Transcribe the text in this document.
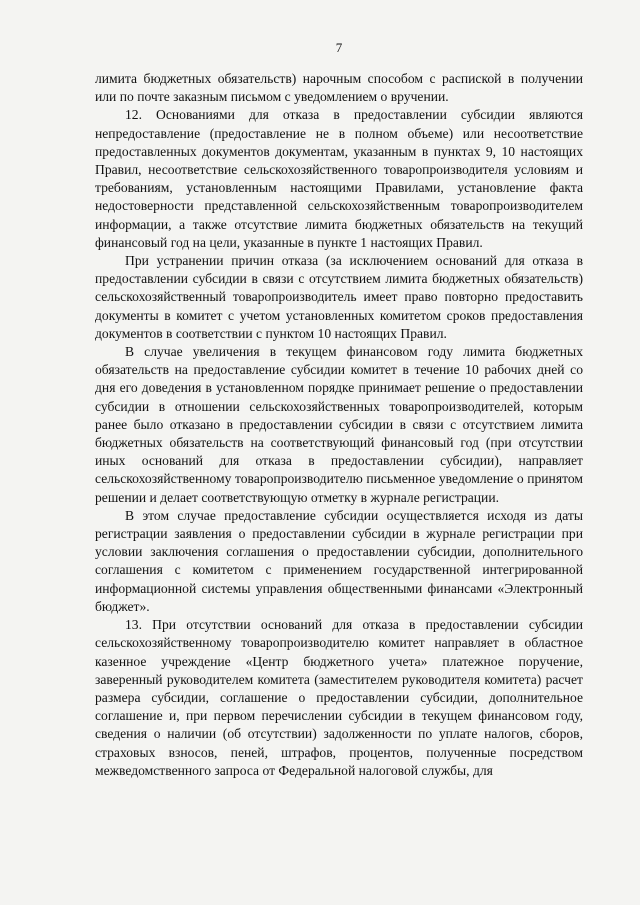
7

лимита бюджетных обязательств) нарочным способом с распиской в получении или по почте заказным письмом с уведомлением о вручении.

12. Основаниями для отказа в предоставлении субсидии являются непредоставление (предоставление не в полном объеме) или несоответствие предоставленных документов документам, указанным в пунктах 9, 10 настоящих Правил, несоответствие сельскохозяйственного товаропроизводителя условиям и требованиям, установленным настоящими Правилами, установление факта недостоверности представленной сельскохозяйственным товаропроизводителем информации, а также отсутствие лимита бюджетных обязательств на текущий финансовый год на цели, указанные в пункте 1 настоящих Правил.

При устранении причин отказа (за исключением оснований для отказа в предоставлении субсидии в связи с отсутствием лимита бюджетных обязательств) сельскохозяйственный товаропроизводитель имеет право повторно предоставить документы в комитет с учетом установленных комитетом сроков предоставления документов в соответствии с пунктом 10 настоящих Правил.

В случае увеличения в текущем финансовом году лимита бюджетных обязательств на предоставление субсидии комитет в течение 10 рабочих дней со дня его доведения в установленном порядке принимает решение о предоставлении субсидии в отношении сельскохозяйственных товаропроизводителей, которым ранее было отказано в предоставлении субсидии в связи с отсутствием лимита бюджетных обязательств на соответствующий финансовый год (при отсутствии иных оснований для отказа в предоставлении субсидии), направляет сельскохозяйственному товаропроизводителю письменное уведомление о принятом решении и делает соответствующую отметку в журнале регистрации.

В этом случае предоставление субсидии осуществляется исходя из даты регистрации заявления о предоставлении субсидии в журнале регистрации при условии заключения соглашения о предоставлении субсидии, дополнительного соглашения с комитетом с применением государственной интегрированной информационной системы управления общественными финансами «Электронный бюджет».

13. При отсутствии оснований для отказа в предоставлении субсидии сельскохозяйственному товаропроизводителю комитет направляет в областное казенное учреждение «Центр бюджетного учета» платежное поручение, заверенный руководителем комитета (заместителем руководителя комитета) расчет размера субсидии, соглашение о предоставлении субсидии, дополнительное соглашение и, при первом перечислении субсидии в текущем финансовом году, сведения о наличии (об отсутствии) задолженности по уплате налогов, сборов, страховых взносов, пеней, штрафов, процентов, полученные посредством межведомственного запроса от Федеральной налоговой службы, для
